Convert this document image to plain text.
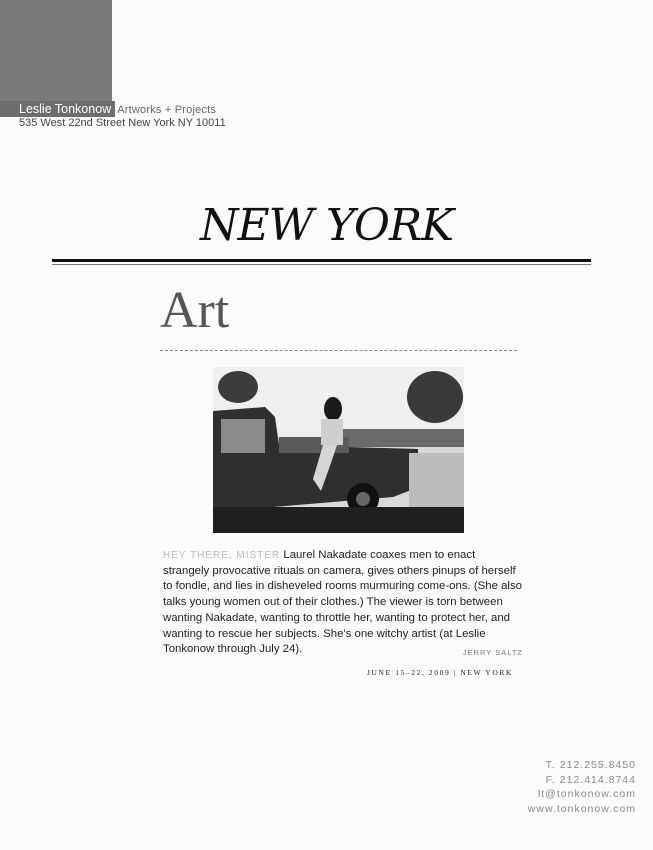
Leslie Tonkonow Artworks + Projects
535 West 22nd Street New York NY 10011
NEW YORK
Art
HEY THERE, MISTER Laurel Nakadate coaxes men to enact strangely provocative rituals on camera, gives others pinups of herself to fondle, and lies in disheveled rooms murmuring come-ons. (She also talks young women out of their clothes.) The viewer is torn between wanting Nakadate, wanting to throttle her, wanting to protect her, and wanting to rescue her subjects. She's one witchy artist (at Leslie Tonkonow through July 24).	JERRY SALTZ
JUNE 15–22, 2009 | NEW YORK
T. 212.255.8450
F. 212.414.8744
lt@tonkonow.com
www.tonkonow.com
